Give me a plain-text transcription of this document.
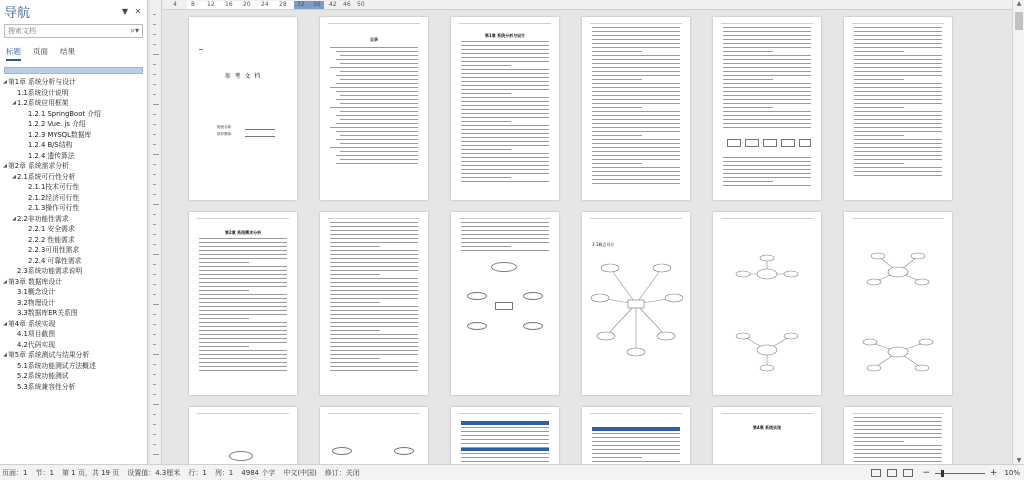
导航	▼ ✕
搜索文档
⌕▾
标题 页面 结果
◢ 第1章 系统分析与设计
1.1系统设计说明
◢ 1.2系统应用框架
1.2.1 SpringBoot 介绍
1.2.2 Vue. js 介绍
1.2.3 MYSQL数据库
1.2.4 B/S结构
1.2.4 遗传算法
◢ 第2章 系统需求分析
◢ 2.1系统可行性分析
2.1.1技术可行性
2.1.2经济可行性
2.1.3操作可行性
◢ 2.2非功能性需求
2.2.1 安全需求
2.2.2 性能需求
2.2.3可用性需求
2.2.4 可靠性需求
2.3系统功能需求说明
◢ 第3章 数据库设计
3.1概念设计
3.2物理设计
3.3数据库ER关系图
◢ 第4章 系统实现
4.1项目截图
4.2代码实现
◢ 第5章 系统测试与结果分析
5.1系统功能测试方法概述
5.2系统功能测试
5.3系统兼容性分析
4 8 12 16 20 24 28 32 36 42 46 50
参 考 文 档
班级名称：
指导教师：
目录
第1章 系统分析与设计
第2章 系统需求分析
3.1概念设计
第4章 系统实现
▲
▼
页面：1 节：1 第 1 页，共 19 页 设置值：4.3厘米 行：1 列：1 4984 个字 中文(中国) 修订：关闭	−	+ 10%
